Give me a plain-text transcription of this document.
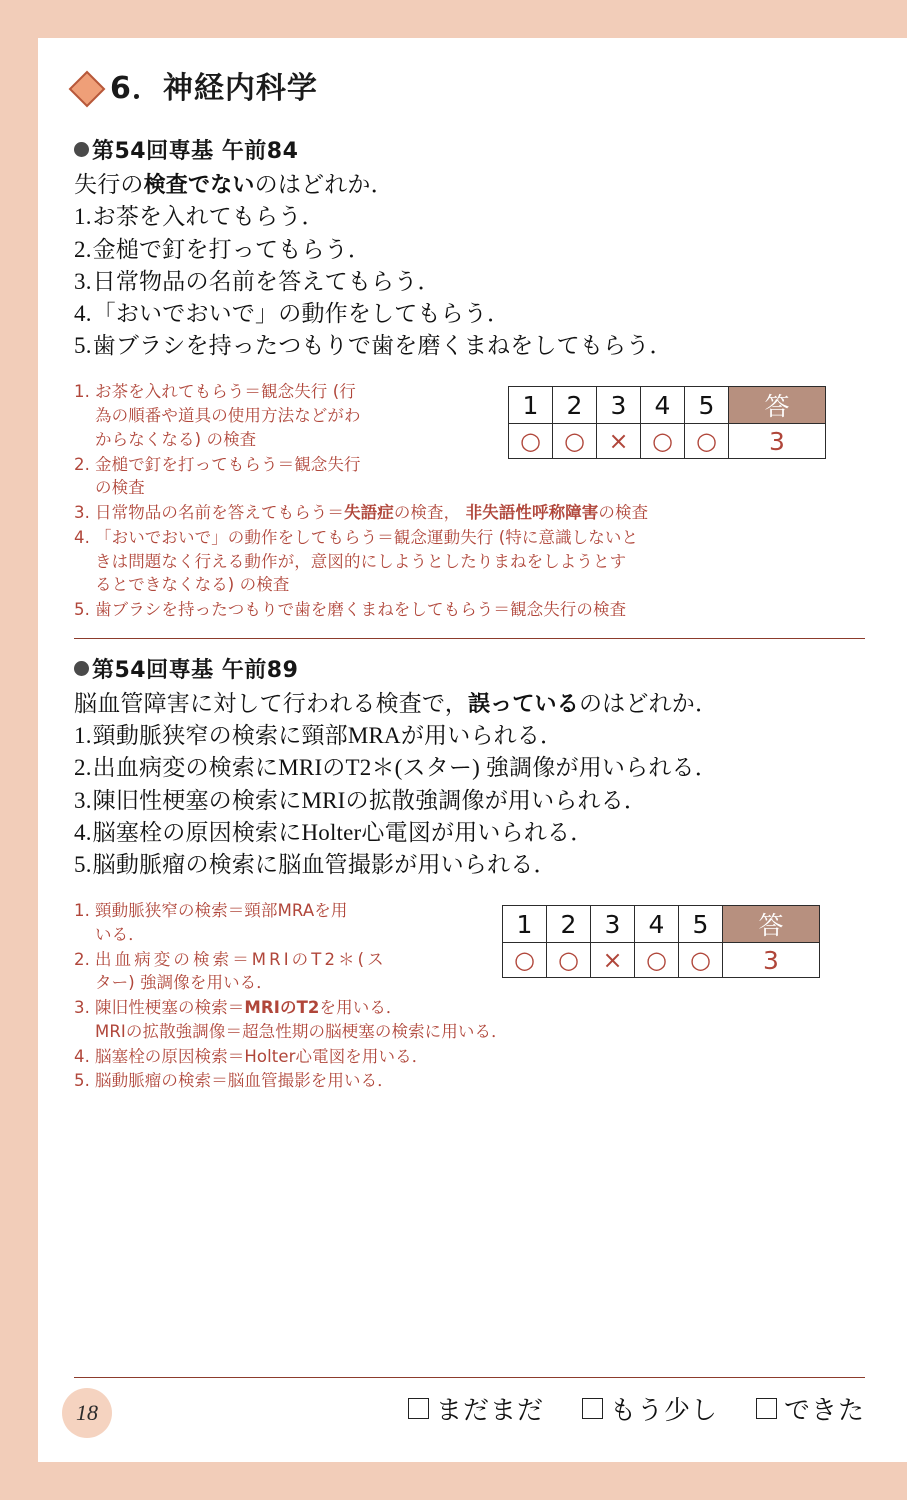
6．神経内科学
第54回専基 午前84
失行の検査でないのはどれか．
1.お茶を入れてもらう．
2.金槌で釘を打ってもらう．
3.日常物品の名前を答えてもらう．
4.「おいでおいで」の動作をしてもらう．
5.歯ブラシを持ったつもりで歯を磨くまねをしてもらう．
1	2	3	4	5	答
○	○	×	○	○	3
1. お茶を入れてもらう＝観念失行 (行
為の順番や道具の使用方法などがわ
からなくなる) の検査
2. 金槌で釘を打ってもらう＝観念失行
の検査
3. 日常物品の名前を答えてもらう＝失語症の検査， 非失語性呼称障害の検査
4. 「おいでおいで」の動作をしてもらう＝観念運動失行 (特に意識しないと
きは問題なく行える動作が，意図的にしようとしたりまねをしようとす
るとできなくなる) の検査
5. 歯ブラシを持ったつもりで歯を磨くまねをしてもらう＝観念失行の検査
第54回専基 午前89
脳血管障害に対して行われる検査で，誤っているのはどれか．
1.頸動脈狭窄の検索に頸部MRAが用いられる．
2.出血病変の検索にMRIのT2＊(スター) 強調像が用いられる．
3.陳旧性梗塞の検索にMRIの拡散強調像が用いられる．
4.脳塞栓の原因検索にHolter心電図が用いられる．
5.脳動脈瘤の検索に脳血管撮影が用いられる．
1	2	3	4	5	答
○	○	×	○	○	3
1. 頸動脈狭窄の検索＝頸部MRAを用
いる．
2. 出血病変の検索＝MRIのT2＊(ス
ター) 強調像を用いる．
3. 陳旧性梗塞の検索＝MRIのT2を用いる．
MRIの拡散強調像＝超急性期の脳梗塞の検索に用いる．
4. 脳塞栓の原因検索＝Holter心電図を用いる．
5. 脳動脈瘤の検索＝脳血管撮影を用いる．
18	まだまだ	もう少し	できた
